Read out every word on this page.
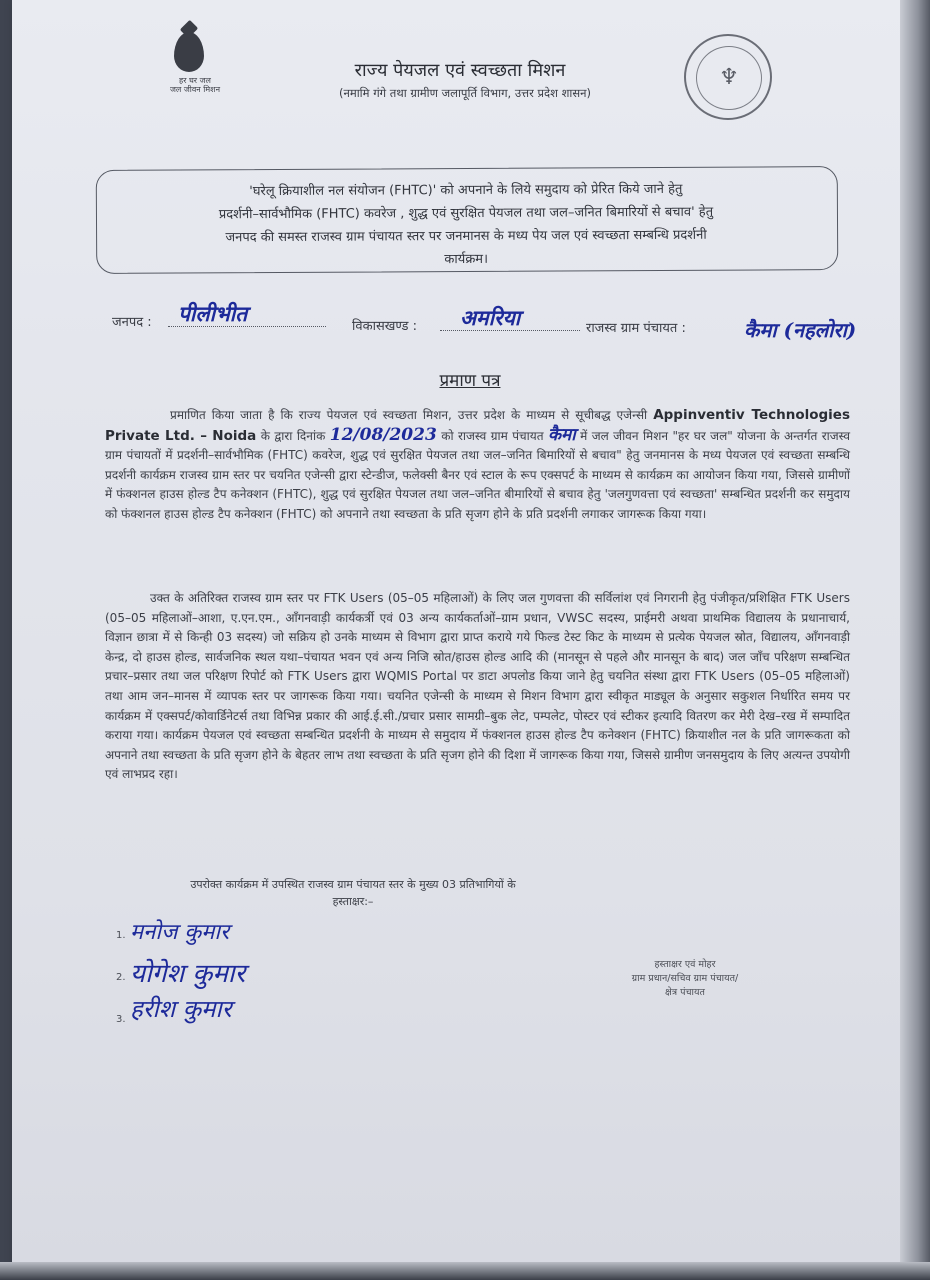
हर घर जल
जल जीवन मिशन
राज्य पेयजल एवं स्वच्छता मिशन
(नमामि गंगे तथा ग्रामीण जलापूर्ति विभाग, उत्तर प्रदेश शासन)
♆
'घरेलू क्रियाशील नल संयोजन (FHTC)' को अपनाने के लिये समुदाय को प्रेरित किये जाने हेतु
प्रदर्शनी–सार्वभौमिक (FHTC) कवरेज , शुद्ध एवं सुरक्षित पेयजल तथा जल–जनित बिमारियों से बचाव' हेतु
जनपद की समस्त राजस्व ग्राम पंचायत स्तर पर जनमानस के मध्य पेय जल एवं स्वच्छता सम्बन्धि प्रदर्शनी
कार्यक्रम।
जनपद : पीलीभीत
विकासखण्ड : अमरिया	राजस्व ग्राम पंचायत :	कैमा (नहलोरा)
प्रमाण पत्र
प्रमाणित किया जाता है कि राज्य पेयजल एवं स्वच्छता मिशन, उत्तर प्रदेश के माध्यम से सूचीबद्ध एजेन्सी Appinventiv Technologies Private Ltd. – Noida के द्वारा दिनांक 12/08/2023 को राजस्व ग्राम पंचायत कैमा में जल जीवन मिशन "हर घर जल" योजना के अन्तर्गत राजस्व ग्राम पंचायतों में प्रदर्शनी–सार्वभौमिक (FHTC) कवरेज, शुद्ध एवं सुरक्षित पेयजल तथा जल–जनित बिमारियों से बचाव" हेतु जनमानस के मध्य पेयजल एवं स्वच्छता सम्बन्धि प्रदर्शनी कार्यक्रम राजस्व ग्राम स्तर पर चयनित एजेन्सी द्वारा स्टेन्डीज, फलेक्सी बैनर एवं स्टाल के रूप एक्सपर्ट के माध्यम से कार्यक्रम का आयोजन किया गया, जिससे ग्रामीणों में फंक्शनल हाउस होल्ड टैप कनेक्शन (FHTC), शुद्ध एवं सुरक्षित पेयजल तथा जल–जनित बीमारियों से बचाव हेतु 'जलगुणवत्ता एवं स्वच्छता' सम्बन्धित प्रदर्शनी कर समुदाय को फंक्शनल हाउस होल्ड टैप कनेक्शन (FHTC) को अपनाने तथा स्वच्छता के प्रति सृजग होने के प्रति प्रदर्शनी लगाकर जागरूक किया गया।
उक्त के अतिरिक्त राजस्व ग्राम स्तर पर FTK Users (05–05 महिलाओं) के लिए जल गुणवत्ता की सर्विलांश एवं निगरानी हेतु पंजीकृत/प्रशिक्षित FTK Users (05–05 महिलाओं–आशा, ए.एन.एम., आँगनवाड़ी कार्यकर्त्री एवं 03 अन्य कार्यकर्ताओं–ग्राम प्रधान, VWSC सदस्य, प्राईमरी अथवा प्राथमिक विद्यालय के प्रधानाचार्य, विज्ञान छात्रा में से किन्ही 03 सदस्य) जो सक्रिय हो उनके माध्यम से विभाग द्वारा प्राप्त कराये गये फिल्ड टेस्ट किट के माध्यम से प्रत्येक पेयजल स्रोत, विद्यालय, आँगनवाड़ी केन्द्र, दो हाउस होल्ड, सार्वजनिक स्थल यथा–पंचायत भवन एवं अन्य निजि स्रोत/हाउस होल्ड आदि की (मानसून से पहले और मानसून के बाद) जल जाँच परिक्षण सम्बन्धित प्रचार–प्रसार तथा जल परिक्षण रिपोर्ट को FTK Users द्वारा WQMIS Portal पर डाटा अपलोड किया जाने हेतु चयनित संस्था द्वारा FTK Users (05–05 महिलाओं) तथा आम जन–मानस में व्यापक स्तर पर जागरूक किया गया। चयनित एजेन्सी के माध्यम से मिशन विभाग द्वारा स्वीकृत माड्यूल के अनुसार सकुशल निर्धारित समय पर कार्यक्रम में एक्सपर्ट/कोवार्डिनेटर्स तथा विभिन्न प्रकार की आई.ई.सी./प्रचार प्रसार सामग्री–बुक लेट, पम्पलेट, पोस्टर एवं स्टीकर इत्यादि वितरण कर मेरी देख–रख में सम्पादित कराया गया। कार्यक्रम पेयजल एवं स्वच्छता सम्बन्धित प्रदर्शनी के माध्यम से समुदाय में फंक्शनल हाउस होल्ड टैप कनेक्शन (FHTC) क्रियाशील नल के प्रति जागरूकता को अपनाने तथा स्वच्छता के प्रति सृजग होने के बेहतर लाभ तथा स्वच्छता के प्रति सृजग होने की दिशा में जागरूक किया गया, जिससे ग्रामीण जनसमुदाय के लिए अत्यन्त उपयोगी एवं लाभप्रद रहा।
उपरोक्त कार्यक्रम में उपस्थित राजस्व ग्राम पंचायत स्तर के मुख्य 03 प्रतिभागियों के
हस्ताक्षर:–
1. मनोज कुमार
2. योगेश कुमार
3. हरीश कुमार
हस्ताक्षर एवं मोहर
ग्राम प्रधान/सचिव ग्राम पंचायत/
क्षेत्र पंचायत
